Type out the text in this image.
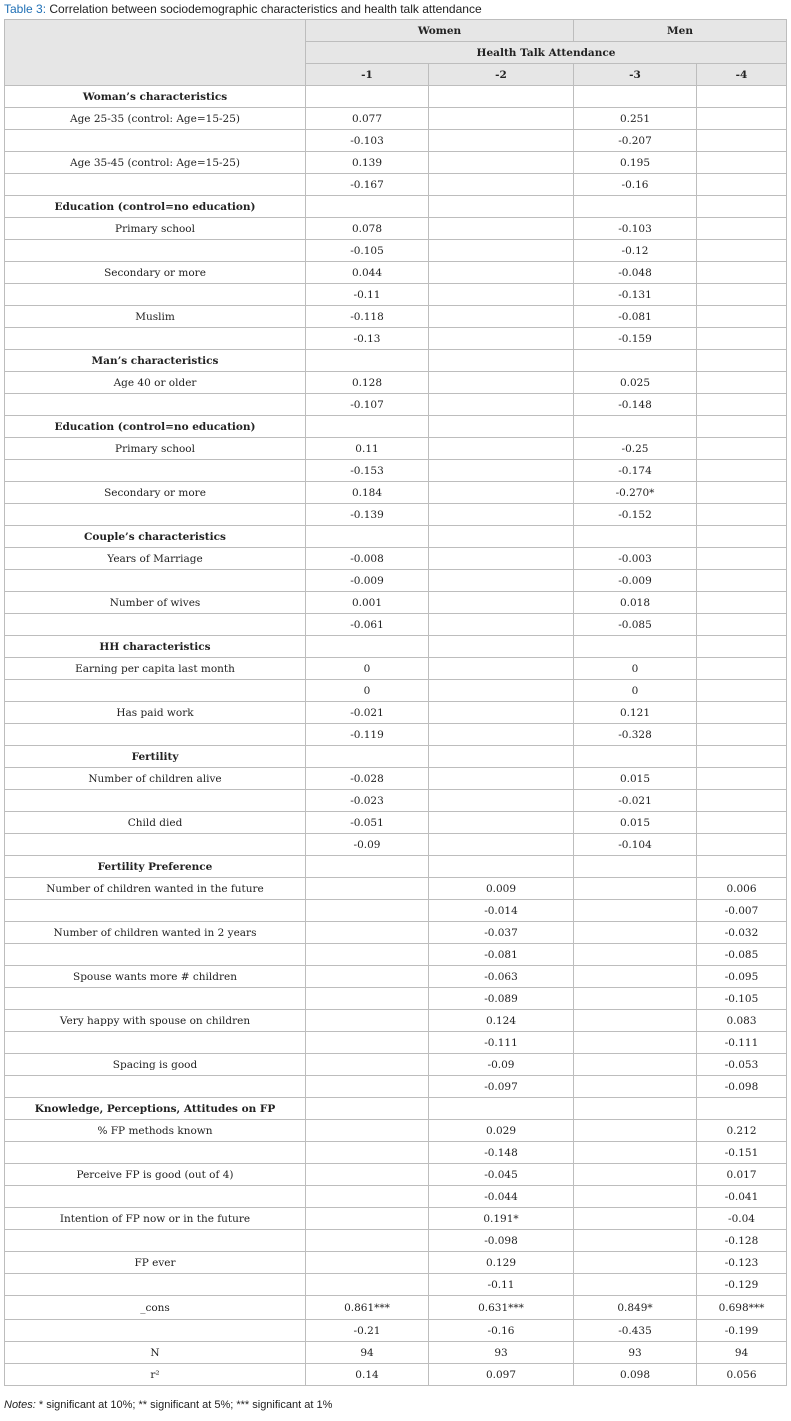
Table 3: Correlation between sociodemographic characteristics and health talk attendance
	Women		Men	
	Health Talk Attendance			
	-1	-2	-3	-4
Woman’s characteristics				
Age 25-35 (control: Age=15-25)	0.077		0.251	
	-0.103		-0.207	
Age 35-45 (control: Age=15-25)	0.139		0.195	
	-0.167		-0.16	
Education (control=no education)				
Primary school	0.078		-0.103	
	-0.105		-0.12	
Secondary or more	0.044		-0.048	
	-0.11		-0.131	
Muslim	-0.118		-0.081	
	-0.13		-0.159	
Man’s characteristics				
Age 40 or older	0.128		0.025	
	-0.107		-0.148	
Education (control=no education)				
Primary school	0.11		-0.25	
	-0.153		-0.174	
Secondary or more	0.184		-0.270*	
	-0.139		-0.152	
Couple’s characteristics				
Years of Marriage	-0.008		-0.003	
	-0.009		-0.009	
Number of wives	0.001		0.018	
	-0.061		-0.085	
HH characteristics				
Earning per capita last month	0		0	
	0		0	
Has paid work	-0.021		0.121	
	-0.119		-0.328	
Fertility				
Number of children alive	-0.028		0.015	
	-0.023		-0.021	
Child died	-0.051		0.015	
	-0.09		-0.104	
Fertility Preference				
Number of children wanted in the future		0.009		0.006
		-0.014		-0.007
Number of children wanted in 2 years		-0.037		-0.032
		-0.081		-0.085
Spouse wants more # children		-0.063		-0.095
		-0.089		-0.105
Very happy with spouse on children		0.124		0.083
		-0.111		-0.111
Spacing is good		-0.09		-0.053
		-0.097		-0.098
Knowledge, Perceptions, Attitudes on FP				
% FP methods known		0.029		0.212
		-0.148		-0.151
Perceive FP is good (out of 4)		-0.045		0.017
		-0.044		-0.041
Intention of FP now or in the future		0.191*		-0.04
		-0.098		-0.128
FP ever		0.129		-0.123
		-0.11		-0.129
_cons	0.861***	0.631***	0.849*	0.698***
	-0.21	-0.16	-0.435	-0.199
N	94	93	93	94
r²	0.14	0.097	0.098	0.056
Notes: * significant at 10%; ** significant at 5%; *** significant at 1%
